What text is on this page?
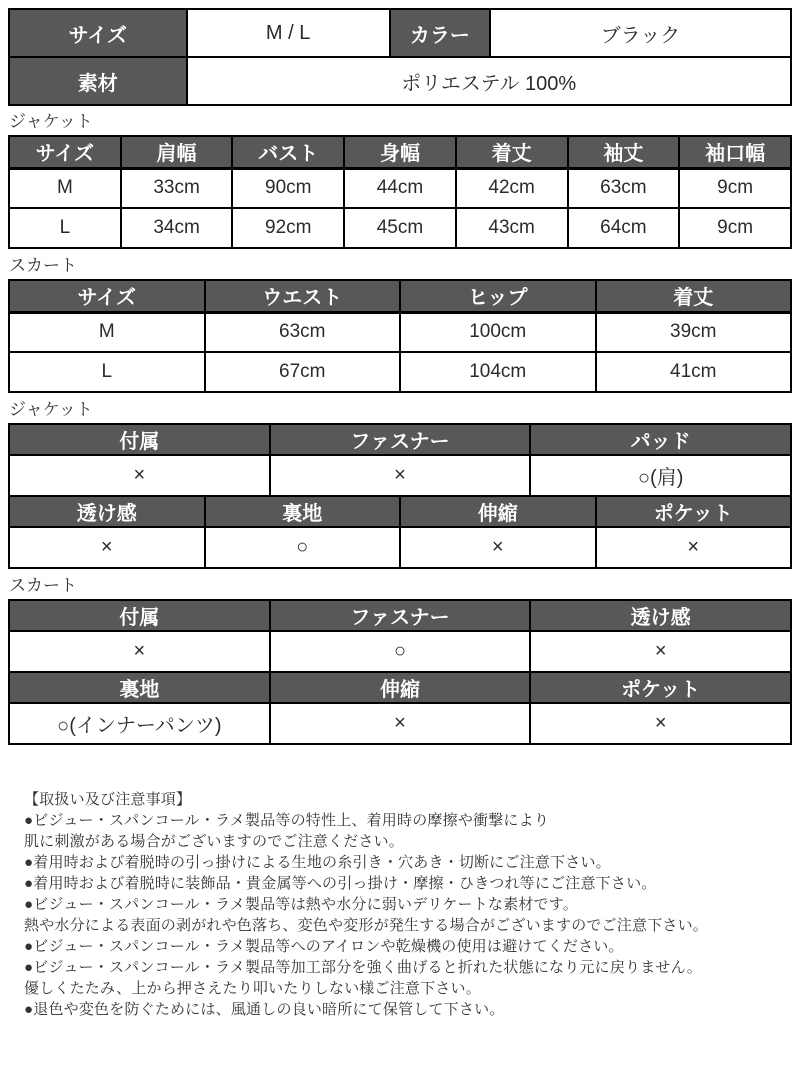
サイズ	M / L	カラー	ブラック
素材	ポリエステル 100%		
ジャケット
サイズ	肩幅	バスト	身幅	着丈	袖丈	袖口幅
M	33cm	90cm	44cm	42cm	63cm	9cm
L	34cm	92cm	45cm	43cm	64cm	9cm
スカート
サイズ	ウエスト	ヒップ	着丈
M	63cm	100cm	39cm
L	67cm	104cm	41cm
ジャケット
付属	ファスナー	パッド
×	×	○(肩)
透け感	裏地	伸縮	ポケット
×	○	×	×
スカート
付属	ファスナー	透け感
×	○	×
裏地	伸縮	ポケット
○(インナーパンツ)	×	×
【取扱い及び注意事項】
●ビジュー・スパンコール・ラメ製品等の特性上、着用時の摩擦や衝撃により
肌に刺激がある場合がございますのでご注意ください。
●着用時および着脱時の引っ掛けによる生地の糸引き・穴あき・切断にご注意下さい。
●着用時および着脱時に装飾品・貴金属等への引っ掛け・摩擦・ひきつれ等にご注意下さい。
●ビジュー・スパンコール・ラメ製品等は熱や水分に弱いデリケートな素材です。
熱や水分による表面の剥がれや色落ち、変色や変形が発生する場合がございますのでご注意下さい。
●ビジュー・スパンコール・ラメ製品等へのアイロンや乾燥機の使用は避けてください。
●ビジュー・スパンコール・ラメ製品等加工部分を強く曲げると折れた状態になり元に戻りません。
優しくたたみ、上から押さえたり叩いたりしない様ご注意下さい。
●退色や変色を防ぐためには、風通しの良い暗所にて保管して下さい。
